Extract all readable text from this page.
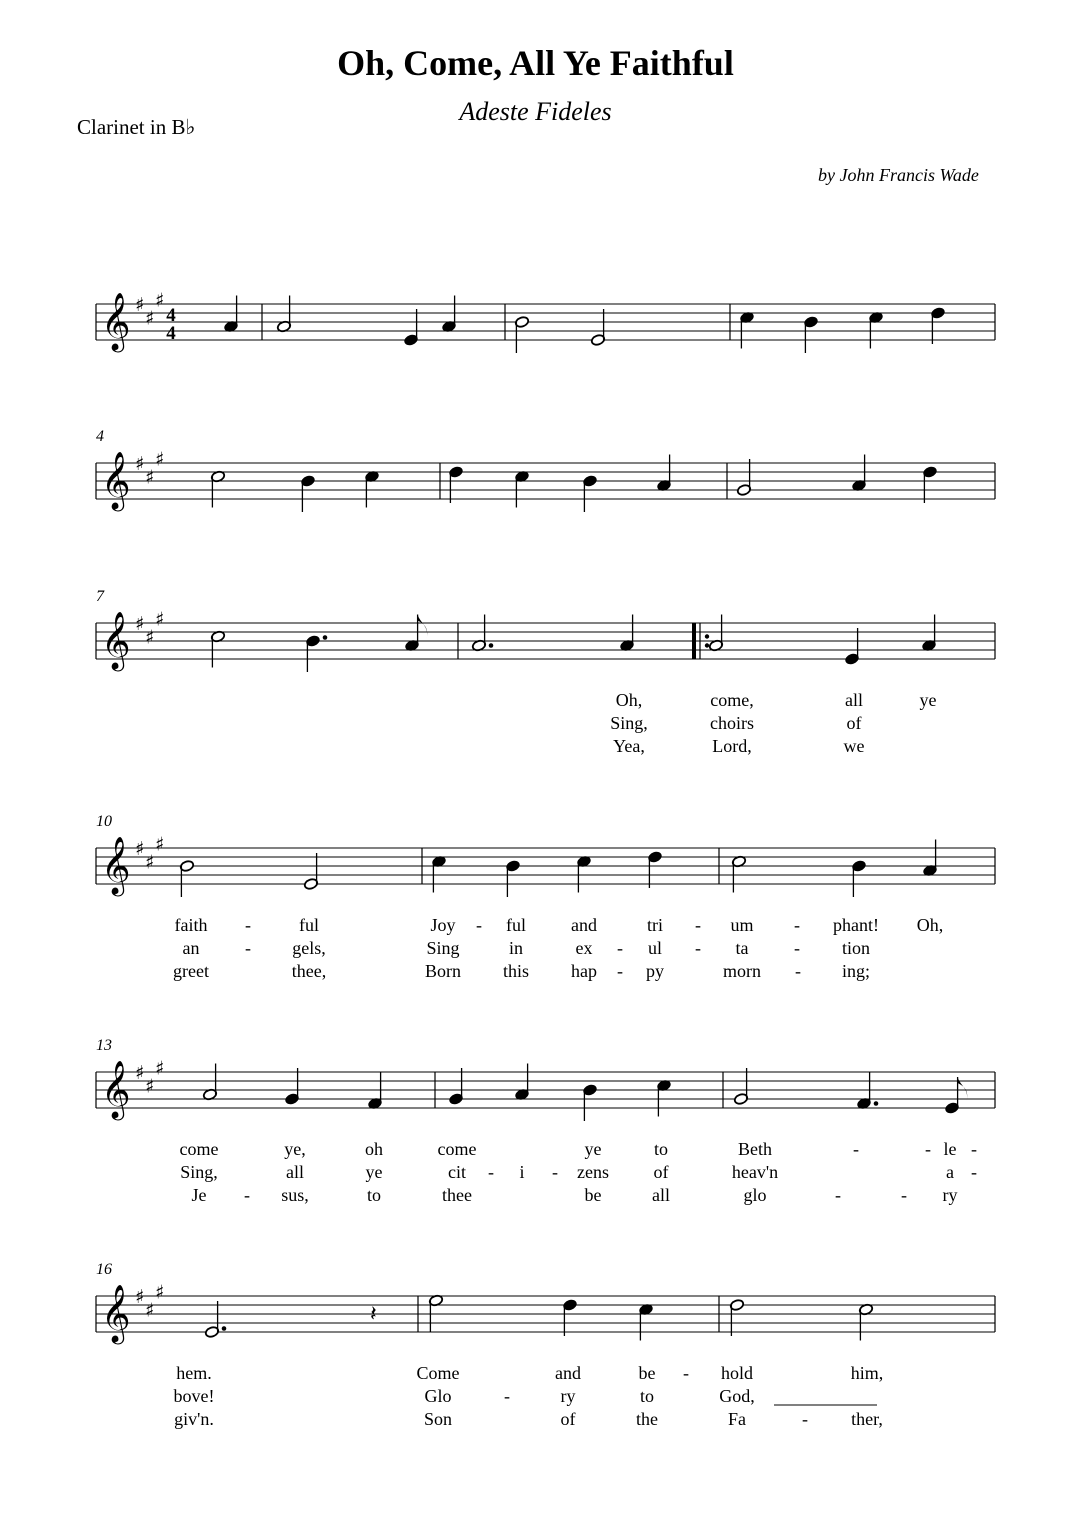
Oh, Come, All Ye Faithful
Adeste Fideles
Clarinet in B♭
by John Francis Wade
𝄞 ♯
♯
♯
4
4
𝄞 ♯
♯
♯
4
𝄞 ♯
♯
♯
7
𝄞 ♯
♯
♯
10
𝄞 ♯
♯
♯
13
𝄞 ♯
♯
♯
16
𝄽
Oh,
Sing,
Yea,
come,
choirs
Lord,
all
of
we
ye
faith
an
greet
ful
gels,
thee,
Joy
Sing
Born
ful
in
this
and
ex
hap
tri
ul
py
um
ta
morn
phant!
tion
ing;
Oh,
come
Sing,
Je
ye,
all
sus,
oh
ye
to
come
cit
thee
i
ye
zens
be
to
of
all
Beth
heav'n
glo
le
a
ry
hem.
bove!
giv'n.
Come
Glo
Son
and
ry
of
be
to
the
hold
God,
Fa
him,
ther,
-
-
-
-
-
-
-
-
-
-
-
-	-
-	- -
-
-	-
-
-
-
